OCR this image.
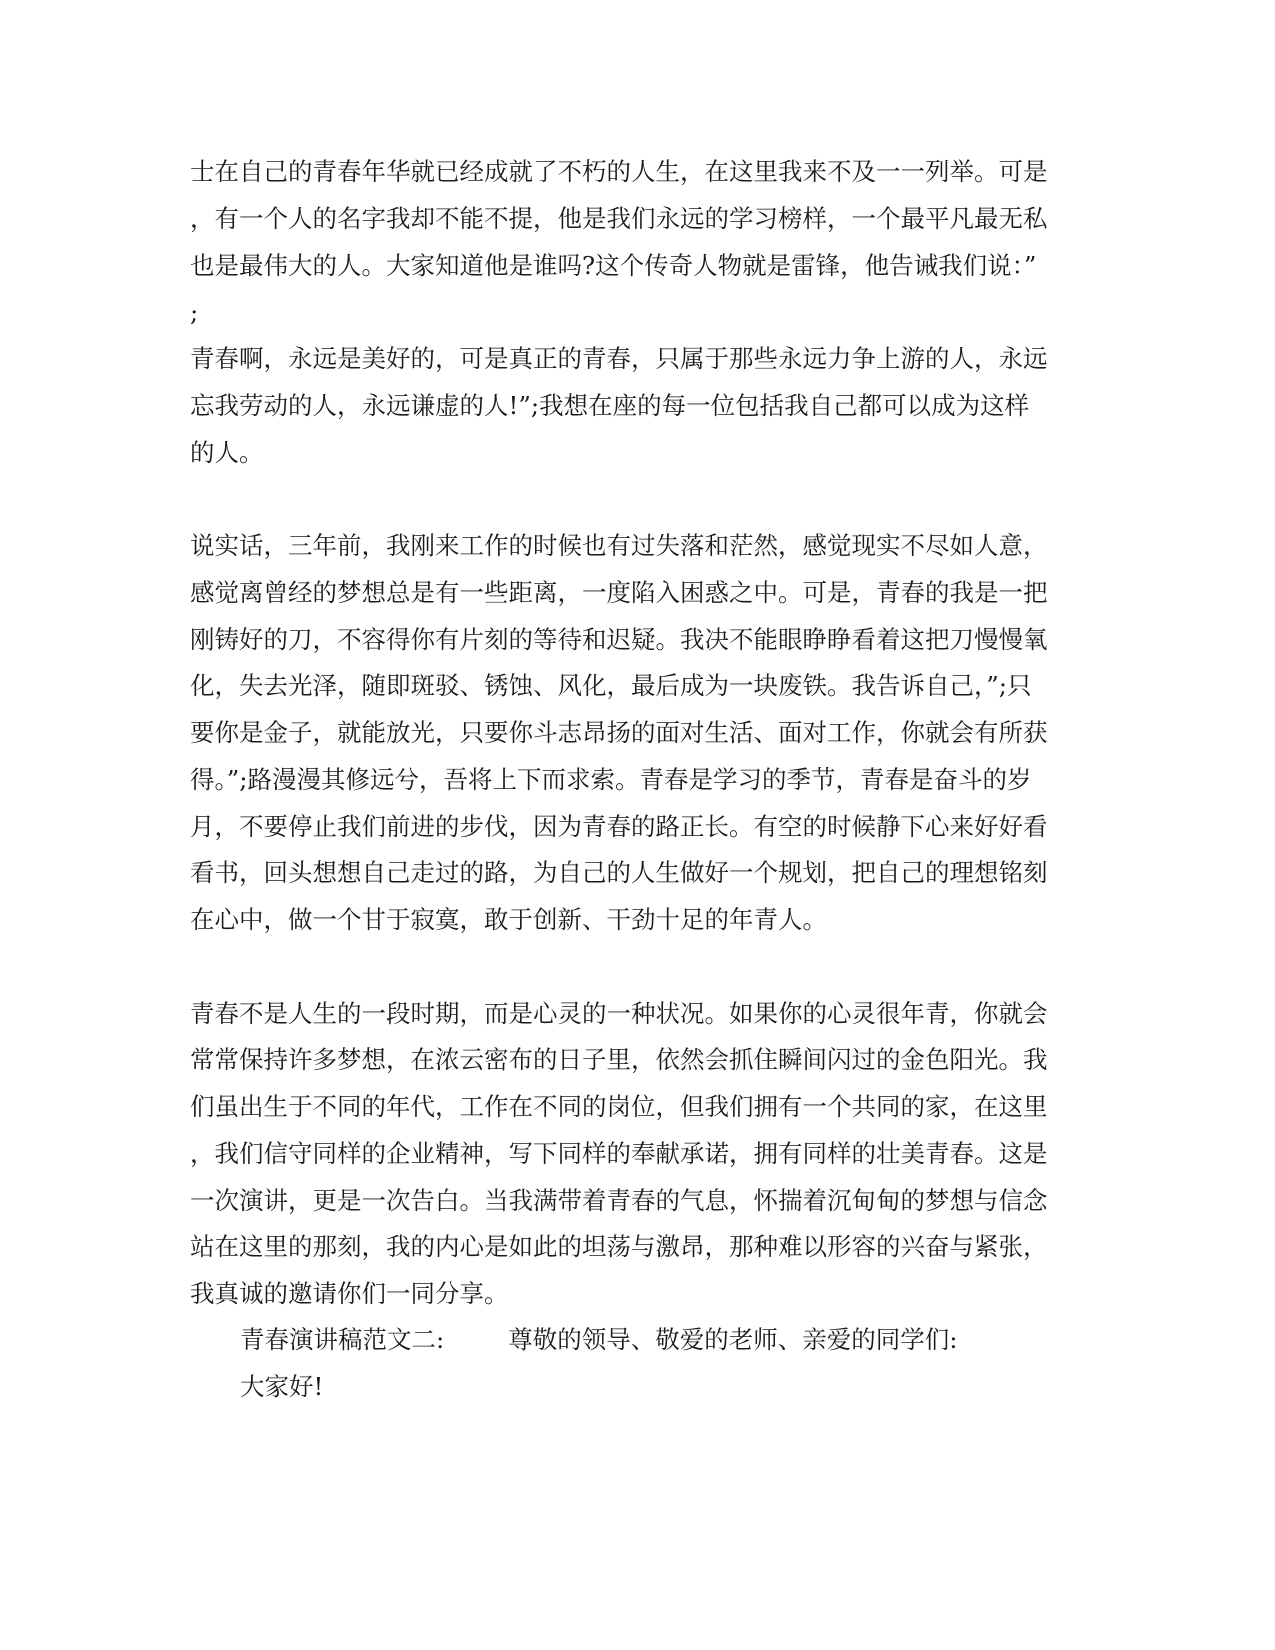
士在自己的青春年华就已经成就了不朽的人生，在这里我来不及一一列举。可是
，有一个人的名字我却不能不提，他是我们永远的学习榜样，一个最平凡最无私
也是最伟大的人。大家知道他是谁吗?这个传奇人物就是雷锋，他告诫我们说：”
;
青春啊，永远是美好的，可是真正的青春，只属于那些永远力争上游的人，永远
忘我劳动的人，永远谦虚的人!”;我想在座的每一位包括我自己都可以成为这样
的人。
说实话，三年前，我刚来工作的时候也有过失落和茫然，感觉现实不尽如人意，
感觉离曾经的梦想总是有一些距离，一度陷入困惑之中。可是，青春的我是一把
刚铸好的刀，不容得你有片刻的等待和迟疑。我决不能眼睁睁看着这把刀慢慢氧
化，失去光泽，随即斑驳、锈蚀、风化，最后成为一块废铁。我告诉自己，”;只
要你是金子，就能放光，只要你斗志昂扬的面对生活、面对工作，你就会有所获
得。”;路漫漫其修远兮，吾将上下而求索。青春是学习的季节，青春是奋斗的岁
月，不要停止我们前进的步伐，因为青春的路正长。有空的时候静下心来好好看
看书，回头想想自己走过的路，为自己的人生做好一个规划，把自己的理想铭刻
在心中，做一个甘于寂寞，敢于创新、干劲十足的年青人。
青春不是人生的一段时期，而是心灵的一种状况。如果你的心灵很年青，你就会
常常保持许多梦想，在浓云密布的日子里，依然会抓住瞬间闪过的金色阳光。我
们虽出生于不同的年代，工作在不同的岗位，但我们拥有一个共同的家，在这里
，我们信守同样的企业精神，写下同样的奉献承诺，拥有同样的壮美青春。这是
一次演讲，更是一次告白。当我满带着青春的气息，怀揣着沉甸甸的梦想与信念
站在这里的那刻，我的内心是如此的坦荡与激昂，那种难以形容的兴奋与紧张，
我真诚的邀请你们一同分享。
青春演讲稿范文二:	尊敬的领导、敬爱的老师、亲爱的同学们:
大家好!
